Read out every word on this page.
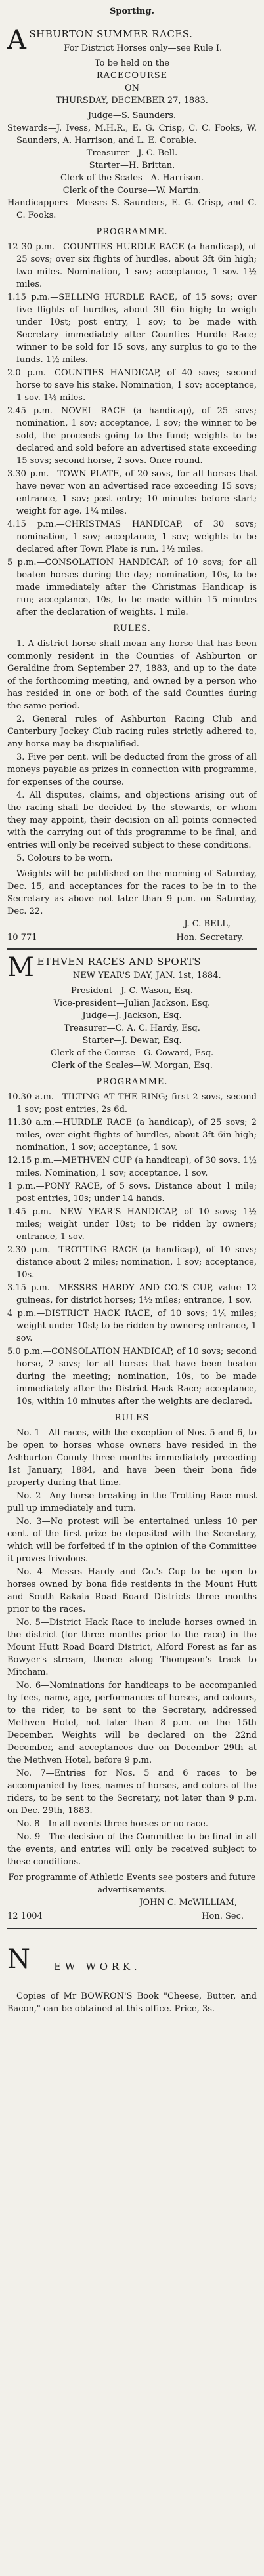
Sporting.
A SHBURTON SUMMER RACES.

For District Horses only—see Rule I.

To be held on the

RACECOURSE

ON

THURSDAY, DECEMBER 27, 1883.

Judge—S. Saunders.

Stewards—J. Ivess, M.H.R., E. G. Crisp, C. C. Fooks, W. Saunders, A. Harrison, and L. E. Corabie.

Treasurer—J. C. Bell.

Starter—H. Brittan.

Clerk of the Scales—A. Harrison.

Clerk of the Course—W. Martin.

Handicappers—Messrs S. Saunders, E. G. Crisp, and C. C. Fooks.

PROGRAMME.

12 30 p.m.—COUNTIES HURDLE RACE (a handicap), of 25 sovs; over six flights of hurdles, about 3ft 6in high; two miles. Nomination, 1 sov; acceptance, 1 sov. 1½ miles.

1.15 p.m.—SELLING HURDLE RACE, of 15 sovs; over five flights of hurdles, about 3ft 6in high; to weigh under 10st; post entry, 1 sov; to be made with Secretary immediately after Counties Hurdle Race; winner to be sold for 15 sovs, any surplus to go to the funds. 1½ miles.

2.0 p.m.—COUNTIES HANDICAP, of 40 sovs; second horse to save his stake. Nomination, 1 sov; acceptance, 1 sov. 1½ miles.

2.45 p.m.—NOVEL RACE (a handicap), of 25 sovs; nomination, 1 sov; acceptance, 1 sov; the winner to be sold, the proceeds going to the fund; weights to be declared and sold before an advertised state exceeding 15 sovs; second horse, 2 sovs. Once round.

3.30 p.m.—TOWN PLATE, of 20 sovs, for all horses that have never won an advertised race exceeding 15 sovs; entrance, 1 sov; post entry; 10 minutes before start; weight for age. 1¼ miles.

4.15 p.m.—CHRISTMAS HANDICAP, of 30 sovs; nomination, 1 sov; acceptance, 1 sov; weights to be declared after Town Plate is run. 1½ miles.

5 p.m.—CONSOLATION HANDICAP, of 10 sovs; for all beaten horses during the day; nomination, 10s, to be made immediately after the Christmas Handicap is run; acceptance, 10s, to be made within 15 minutes after the declaration of weights. 1 mile.

RULES.

1. A district horse shall mean any horse that has been commonly resident in the Counties of Ashburton or Geraldine from September 27, 1883, and up to the date of the forthcoming meeting, and owned by a person who has resided in one or both of the said Counties during the same period.

2. General rules of Ashburton Racing Club and Canterbury Jockey Club racing rules strictly adhered to, any horse may be disqualified.

3. Five per cent. will be deducted from the gross of all moneys payable as prizes in connection with programme, for expenses of the course.

4. All disputes, claims, and objections arising out of the racing shall be decided by the stewards, or whom they may appoint, their decision on all points connected with the carrying out of this programme to be final, and entries will only be received subject to these conditions.

5. Colours to be worn.

Weights will be published on the morning of Saturday, Dec. 15, and acceptances for the races to be in to the Secretary as above not later than 9 p.m. on Saturday, Dec. 22.

J. C. BELL,

10 771	Hon. Secretary.
M ETHVEN RACES AND SPORTS

NEW YEAR'S DAY, JAN. 1st, 1884.

President—J. C. Wason, Esq.

Vice-president—Julian Jackson, Esq.

Judge—J. Jackson, Esq.

Treasurer—C. A. C. Hardy, Esq.

Starter—J. Dewar, Esq.

Clerk of the Course—G. Coward, Esq.

Clerk of the Scales—W. Morgan, Esq.

PROGRAMME.

10.30 a.m.—TILTING AT THE RING; first 2 sovs, second 1 sov; post entries, 2s 6d.

11.30 a.m.—HURDLE RACE (a handicap), of 25 sovs; 2 miles, over eight flights of hurdles, about 3ft 6in high; nomination, 1 sov; acceptance, 1 sov.

12.15 p.m.—METHVEN CUP (a handicap), of 30 sovs. 1½ miles. Nomination, 1 sov; acceptance, 1 sov.

1 p.m.—PONY RACE, of 5 sovs. Distance about 1 mile; post entries, 10s; under 14 hands.

1.45 p.m.—NEW YEAR'S HANDICAP, of 10 sovs; 1½ miles; weight under 10st; to be ridden by owners; entrance, 1 sov.

2.30 p.m.—TROTTING RACE (a handicap), of 10 sovs; distance about 2 miles; nomination, 1 sov; acceptance, 10s.

3.15 p.m.—MESSRS HARDY AND CO.'S CUP, value 12 guineas, for district horses; 1½ miles; entrance, 1 sov.

4 p.m.—DISTRICT HACK RACE, of 10 sovs; 1¼ miles; weight under 10st; to be ridden by owners; entrance, 1 sov.

5.0 p.m.—CONSOLATION HANDICAP, of 10 sovs; second horse, 2 sovs; for all horses that have been beaten during the meeting; nomination, 10s, to be made immediately after the District Hack Race; acceptance, 10s, within 10 minutes after the weights are declared.

RULES

No. 1—All races, with the exception of Nos. 5 and 6, to be open to horses whose owners have resided in the Ashburton County three months immediately preceding 1st January, 1884, and have been their bona fide property during that time.

No. 2—Any horse breaking in the Trotting Race must pull up immediately and turn.

No. 3—No protest will be entertained unless 10 per cent. of the first prize be deposited with the Secretary, which will be forfeited if in the opinion of the Committee it proves frivolous.

No. 4—Messrs Hardy and Co.'s Cup to be open to horses owned by bona fide residents in the Mount Hutt and South Rakaia Road Board Districts three months prior to the races.

No. 5—District Hack Race to include horses owned in the district (for three months prior to the race) in the Mount Hutt Road Board District, Alford Forest as far as Bowyer's stream, thence along Thompson's track to Mitcham.

No. 6—Nominations for handicaps to be accompanied by fees, name, age, performances of horses, and colours, to the rider, to be sent to the Secretary, addressed Methven Hotel, not later than 8 p.m. on the 15th December. Weights will be declared on the 22nd December, and acceptances due on December 29th at the Methven Hotel, before 9 p.m.

No. 7—Entries for Nos. 5 and 6 races to be accompanied by fees, names of horses, and colors of the riders, to be sent to the Secretary, not later than 9 p.m. on Dec. 29th, 1883.

No. 8—In all events three horses or no race.

No. 9—The decision of the Committee to be final in all the events, and entries will only be received subject to these conditions.

For programme of Athletic Events see posters and future advertisements.

JOHN C. McWILLIAM,

12 1004	Hon. Sec.

N E W   W O R K .

Copies of Mr BOWRON'S Book "Cheese, Butter, and Bacon," can be obtained at this office. Price, 3s.
